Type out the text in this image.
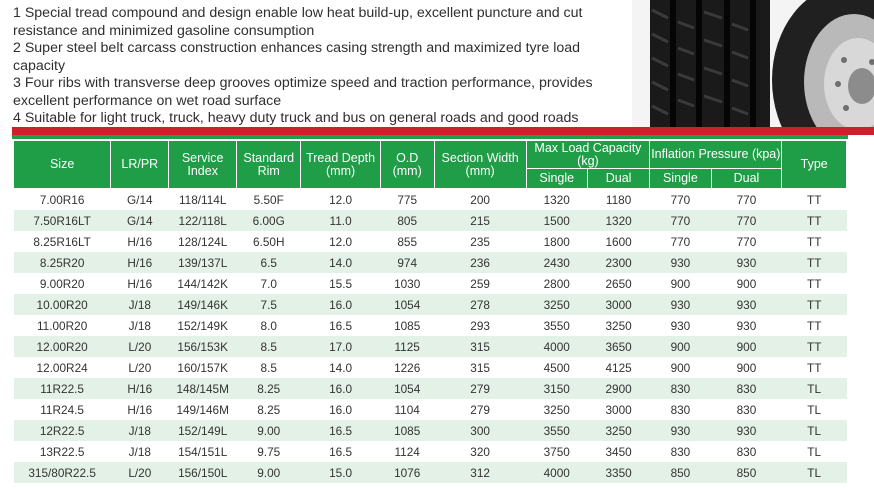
1 Special tread compound and design enable low heat build-up, excellent puncture and cut resistance and minimized gasoline consumption
2 Super steel belt carcass construction enhances casing strength and maximized tyre load capacity
3 Four ribs with transverse deep grooves optimize speed and traction performance, provides excellent performance on wet road surface
4 Suitable for light truck, truck, heavy duty truck and bus on general roads and good roads
Size	LR/PR	Service Index	Standard Rim	Tread Depth (mm)	O.D (mm)	Section Width (mm)	Max Load Capacity (kg)		Inflation Pressure (kpa)		Type
							Single	Dual	Single	Dual	
7.00R16	G/14	118/114L	5.50F	12.0	775	200	1320	1180	770	770	TT
7.50R16LT	G/14	122/118L	6.00G	11.0	805	215	1500	1320	770	770	TT
8.25R16LT	H/16	128/124L	6.50H	12.0	855	235	1800	1600	770	770	TT
8.25R20	H/16	139/137L	6.5	14.0	974	236	2430	2300	930	930	TT
9.00R20	H/16	144/142K	7.0	15.5	1030	259	2800	2650	900	900	TT
10.00R20	J/18	149/146K	7.5	16.0	1054	278	3250	3000	930	930	TT
11.00R20	J/18	152/149K	8.0	16.5	1085	293	3550	3250	930	930	TT
12.00R20	L/20	156/153K	8.5	17.0	1125	315	4000	3650	900	900	TT
12.00R24	L/20	160/157K	8.5	14.0	1226	315	4500	4125	900	900	TT
11R22.5	H/16	148/145M	8.25	16.0	1054	279	3150	2900	830	830	TL
11R24.5	H/16	149/146M	8.25	16.0	1104	279	3250	3000	830	830	TL
12R22.5	J/18	152/149L	9.00	16.5	1085	300	3550	3250	930	930	TL
13R22.5	J/18	154/151L	9.75	16.5	1124	320	3750	3450	830	830	TL
315/80R22.5	L/20	156/150L	9.00	15.0	1076	312	4000	3350	850	850	TL
